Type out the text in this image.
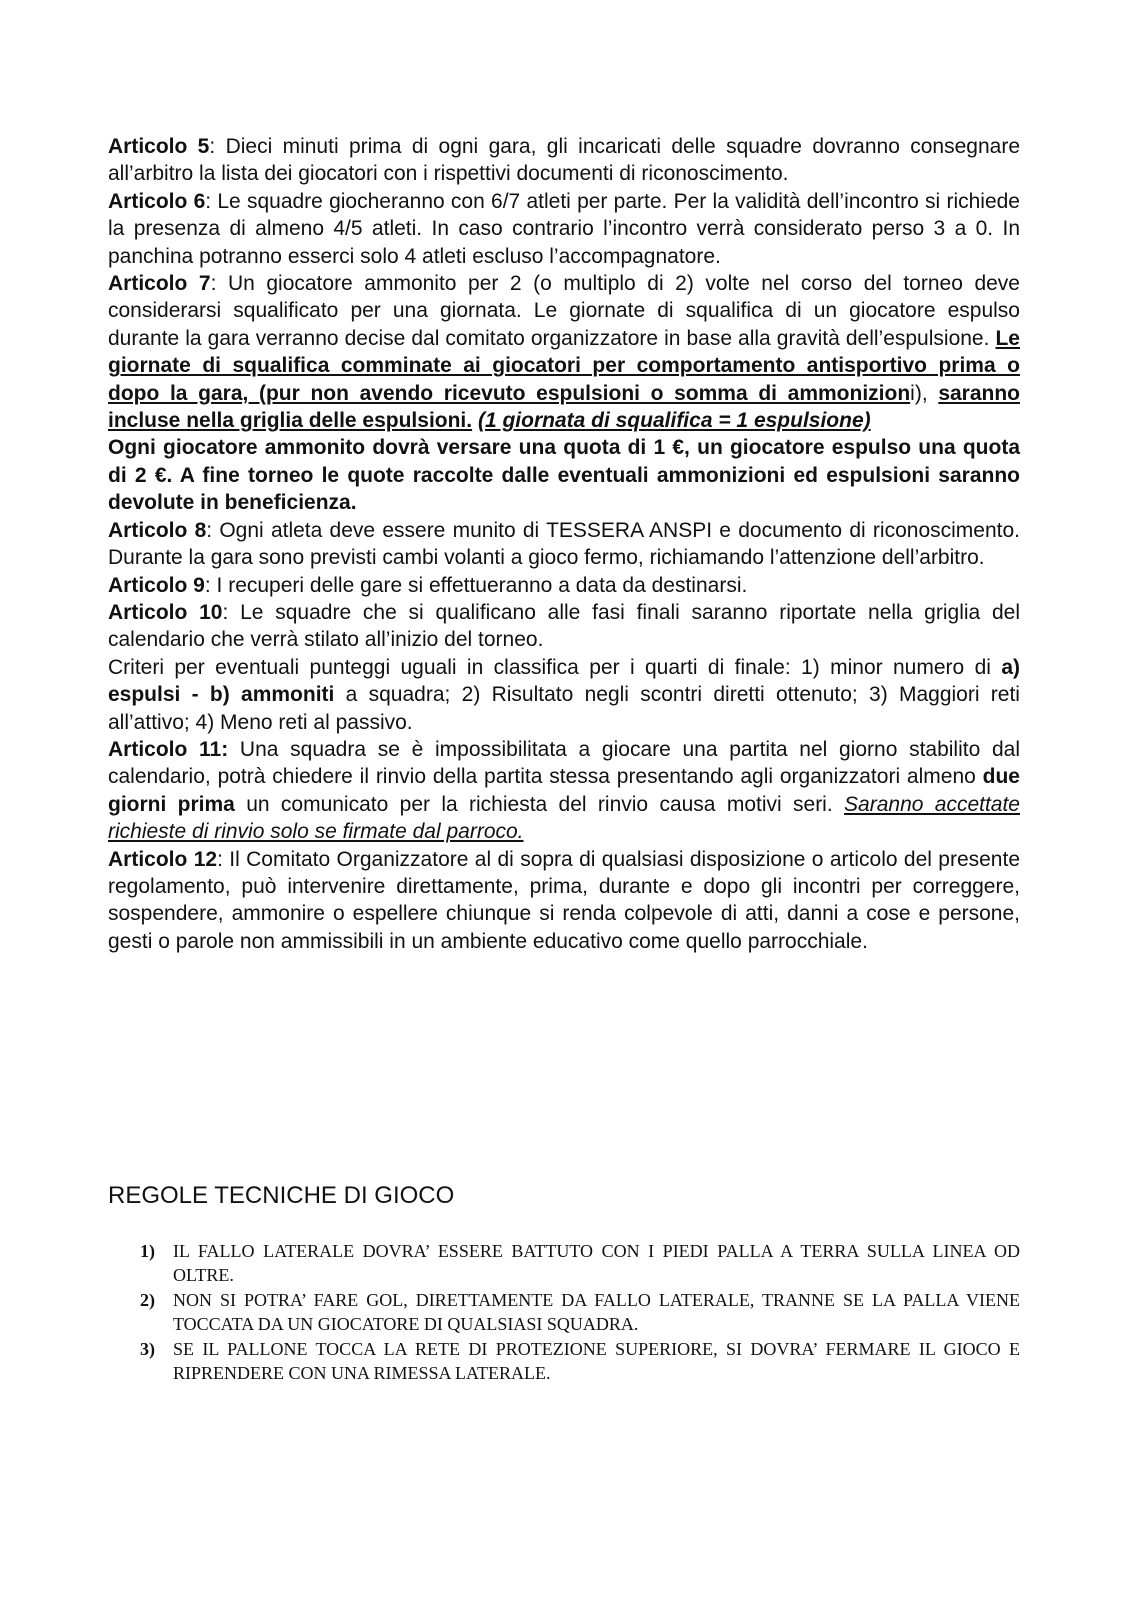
Articolo 5: Dieci minuti prima di ogni gara, gli incaricati delle squadre dovranno consegnare all’arbitro la lista dei giocatori con i rispettivi documenti di riconoscimento.

Articolo 6: Le squadre giocheranno con 6/7 atleti per parte. Per la validità dell’incontro si richiede la presenza di almeno 4/5 atleti. In caso contrario l’incontro verrà considerato perso 3 a 0. In panchina potranno esserci solo 4 atleti escluso l’accompagnatore.

Articolo 7: Un giocatore ammonito per 2 (o multiplo di 2) volte nel corso del torneo deve considerarsi squalificato per una giornata. Le giornate di squalifica di un giocatore espulso durante la gara verranno decise dal comitato organizzatore in base alla gravità dell’espulsione. Le giornate di squalifica comminate ai giocatori per comportamento antisportivo prima o dopo la gara, (pur non avendo ricevuto espulsioni o somma di ammonizioni), saranno incluse nella griglia delle espulsioni. (1 giornata di squalifica = 1 espulsione)

Ogni giocatore ammonito dovrà versare una quota di 1 €, un giocatore espulso una quota di 2 €. A fine torneo le quote raccolte dalle eventuali ammonizioni ed espulsioni saranno devolute in beneficienza.

Articolo 8: Ogni atleta deve essere munito di TESSERA ANSPI e documento di riconoscimento. Durante la gara sono previsti cambi volanti a gioco fermo, richiamando l’attenzione dell’arbitro.

Articolo 9: I recuperi delle gare si effettueranno a data da destinarsi.

Articolo 10: Le squadre che si qualificano alle fasi finali saranno riportate nella griglia del calendario che verrà stilato all’inizio del torneo.

Criteri per eventuali punteggi uguali in classifica per i quarti di finale: 1) minor numero di a) espulsi - b) ammoniti a squadra; 2) Risultato negli scontri diretti ottenuto; 3) Maggiori reti all’attivo; 4) Meno reti al passivo.

Articolo 11: Una squadra se è impossibilitata a giocare una partita nel giorno stabilito dal calendario, potrà chiedere il rinvio della partita stessa presentando agli organizzatori almeno due giorni prima un comunicato per la richiesta del rinvio causa motivi seri. Saranno accettate richieste di rinvio solo se firmate dal parroco.

Articolo 12: Il Comitato Organizzatore al di sopra di qualsiasi disposizione o articolo del presente regolamento, può intervenire direttamente, prima, durante e dopo gli incontri per correggere, sospendere, ammonire o espellere chiunque si renda colpevole di atti, danni a cose e persone, gesti o parole non ammissibili in un ambiente educativo come quello parrocchiale.

REGOLE TECNICHE DI GIOCO
1)	IL FALLO LATERALE DOVRA’ ESSERE BATTUTO CON I PIEDI PALLA A TERRA SULLA LINEA OD OLTRE.
2)	NON SI POTRA’ FARE GOL, DIRETTAMENTE DA FALLO LATERALE, TRANNE SE LA PALLA VIENE TOCCATA DA UN GIOCATORE DI QUALSIASI SQUADRA.
3)	SE IL PALLONE TOCCA LA RETE DI PROTEZIONE SUPERIORE, SI DOVRA’ FERMARE IL GIOCO E RIPRENDERE CON UNA RIMESSA LATERALE.
